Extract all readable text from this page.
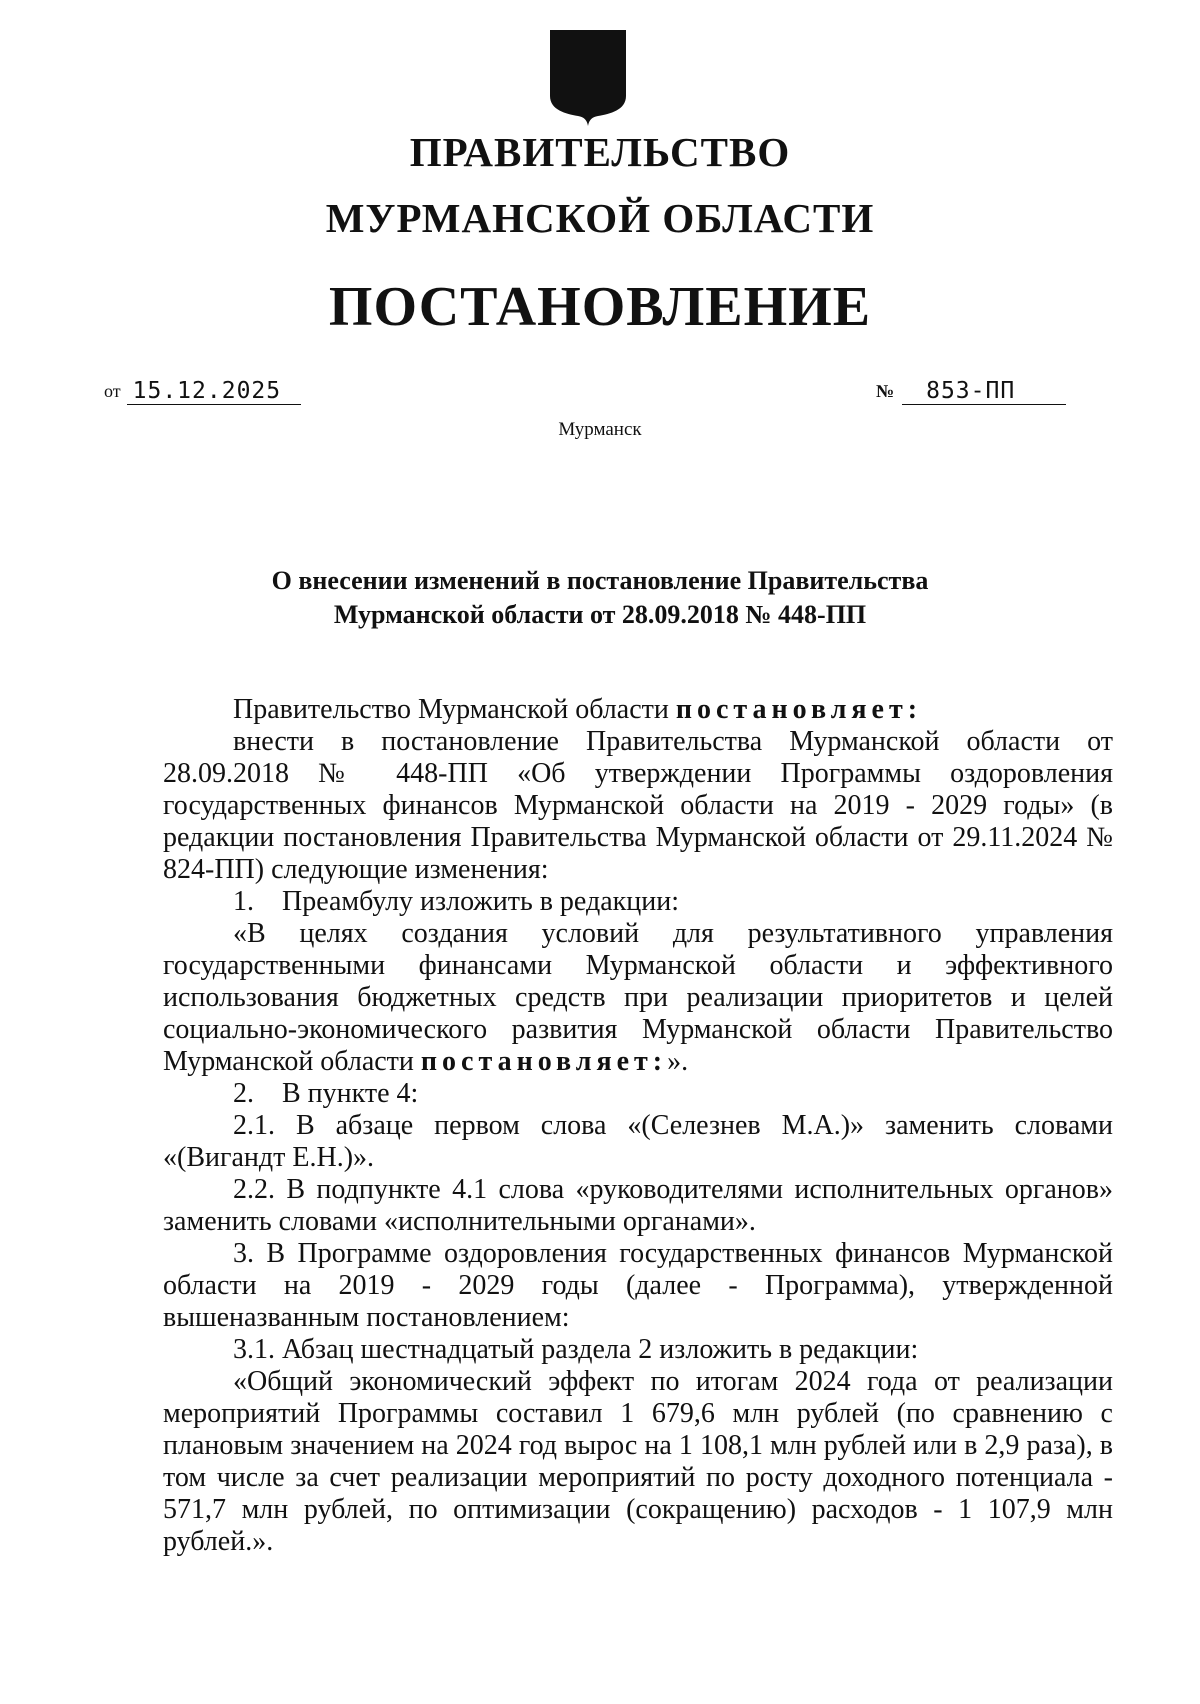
ПРАВИТЕЛЬСТВО
МУРМАНСКОЙ ОБЛАСТИ
ПОСТАНОВЛЕНИЕ
от 15.12.2025	№	853-ПП
Мурманск
О внесении изменений в постановление Правительства
Мурманской области от 28.09.2018 № 448-ПП

Правительство Мурманской области постановляет:

внести в постановление Правительства Мурманской области от 28.09.2018 № 448-ПП «Об утверждении Программы оздоровления государственных финансов Мурманской области на 2019 - 2029 годы» (в редакции постановления Правительства Мурманской области от 29.11.2024 № 824-ПП) следующие изменения:

1.    Преамбулу изложить в редакции:

«В целях создания условий для результативного управления государственными финансами Мурманской области и эффективного использования бюджетных средств при реализации приоритетов и целей социально-экономического развития Мурманской области Правительство Мурманской области постановляет:».

2.    В пункте 4:

2.1. В абзаце первом слова «(Селезнев М.А.)» заменить словами «(Вигандт Е.Н.)».

2.2. В подпункте 4.1 слова «руководителями исполнительных органов» заменить словами «исполнительными органами».

3. В Программе оздоровления государственных финансов Мурманской области на 2019 - 2029 годы (далее - Программа), утвержденной вышеназванным постановлением:

3.1. Абзац шестнадцатый раздела 2 изложить в редакции:

«Общий экономический эффект по итогам 2024 года от реализации мероприятий Программы составил 1 679,6 млн рублей (по сравнению с плановым значением на 2024 год вырос на 1 108,1 млн рублей или в 2,9 раза), в том числе за счет реализации мероприятий по росту доходного потенциала - 571,7 млн рублей, по оптимизации (сокращению) расходов - 1 107,9 млн рублей.».
